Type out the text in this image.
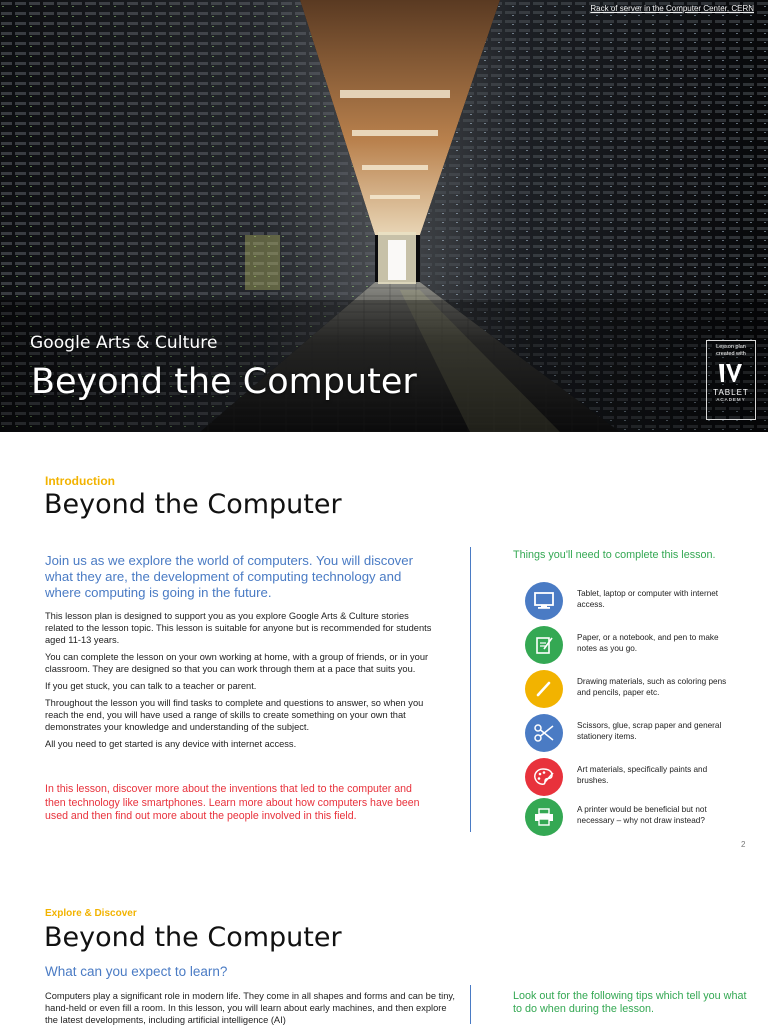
Rack of server in the Computer Center, CERN
Google Arts & Culture
Beyond the Computer
Lesson plan created with
TABLET
ACADEMY
Introduction
Beyond the Computer
Join us as we explore the world of computers. You will discover what they are, the development of computing technology and where computing is going in the future.

This lesson plan is designed to support you as you explore Google Arts & Culture stories related to the lesson topic. This lesson is suitable for anyone but is recommended for students aged 11-13 years.

You can complete the lesson on your own working at home, with a group of friends, or in your classroom. They are designed so that you can work through them at a pace that suits you.

If you get stuck, you can talk to a teacher or parent.

Throughout the lesson you will find tasks to complete and questions to answer, so when you reach the end, you will have used a range of skills to create something on your own that demonstrates your knowledge and understanding of the subject.

All you need to get started is any device with internet access.

In this lesson, discover more about the inventions that led to the computer and then technology like smartphones. Learn more about how computers have been used and then find out more about the people involved in this field.
Things you'll need to complete this lesson.
Tablet, laptop or computer with internet access.
Paper, or a notebook, and pen to make notes as you go.
Drawing materials, such as coloring pens and pencils, paper etc.
Scissors, glue, scrap paper and general stationery items.
Art materials, specifically paints and brushes.
A printer would be beneficial but not necessary – why not draw instead?
2
Explore & Discover
Beyond the Computer
What can you expect to learn?
Computers play a significant role in modern life. They come in all shapes and forms and can be tiny, hand-held or even fill a room. In this lesson, you will learn about early machines, and then explore the latest developments, including artificial intelligence (AI)
Look out for the following tips which tell you what to do when during the lesson.
